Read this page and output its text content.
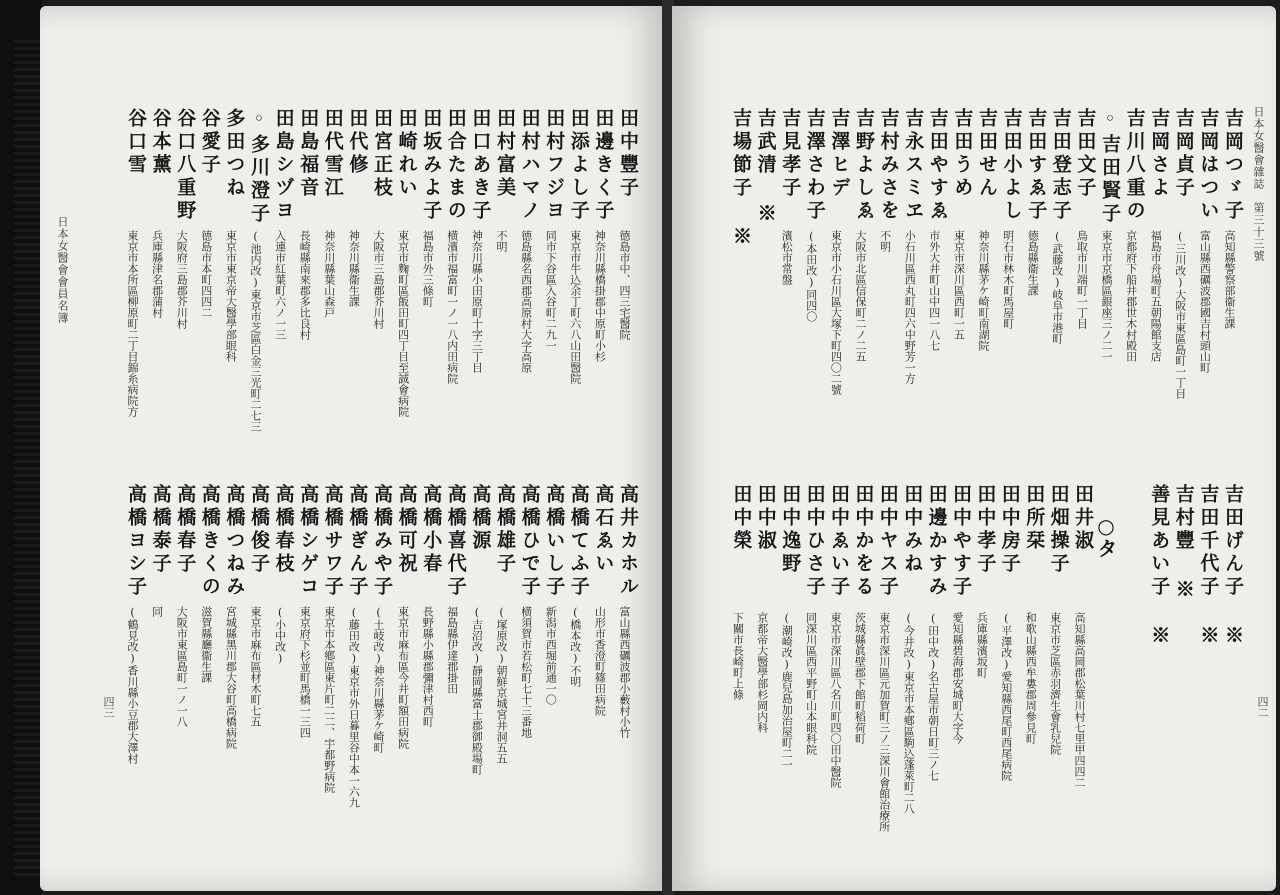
日本女醫會會員名簿
四三
田中豐子
德島市中、四三宅醫院
田邊きく子
神奈川縣橋掛郡中原町小杉
田添よし子
東京市牛込余丁町六八山田醫院
田村フジヨ
同市下谷區入谷町二九一
田村ハマノ
德島縣名西郡高原村大字高原
田村富美
不明
田口あき子
神奈川縣小田原町十字三丁目
田合たまの
横濱市福富町一ノ一八内田病院
田坂みよ子
福島市外三條町
田崎れい
東京市麴町區飯田町四丁目至誠會病院
田宮正枝
大阪市三島郡芥川村
田代修
神奈川縣衞生課
田代雪江
神奈川縣葉山森戸
田島福音
長崎縣南來郡多比良村
田島シヅヨ
入連市紅葉町六ノ一三
◦多川澄子
(池内改)東京市芝區白金三光町二七三
多田つね
東京市東京帝大醫學部眼科
谷愛子
德島市本町四四二
谷口八重野
大阪府三島郡芥川村
谷本薰
兵庫縣津名郡蒲村
谷口雪
東京市本所區柳原町二丁目錦糸病院方
高井カホル
富山縣西礪波郡小藪村小竹
高石ゑい
山形市香澄町篠田病院
高橋てふ子
(橋本改)不明
高橋いし子
新潟市西堀前通一〇
高橋ひで子
横須賀市若松町七十三番地
高橋雄子
(塚原改)朝鮮京城宮井洞五五
高橋源
(吉沼改)靜岡縣富士郡御殿場町
高橋喜代子
福島縣伊達郡掛田
高橋小春
長野縣小縣郡彌津村西町
高橋可祝
東京市麻布區今井町額田病院
高橋みや子
(土岐改)神奈川縣茅ケ崎町
高橋ぎん子
(藤田改)東京市外日暮里谷中本一六九
高橋サワ子
東京市本鄕區東片町二二、宇都野病院
高橋シゲコ
東京府下杉並町馬橋一三四
高橋春枝
(小中改)
高橋俊子
東京市麻布區材木町七五
高橋つねみ
宮城縣黑川郡大谷町高橋病院
高橋きくの
滋賀縣廳衞生課
高橋春子
大阪市東區島町一ノ一八
高橋泰子
同
高橋ヨシ子
(鶴見改)香川縣小豆郡大澤村
日本女醫會雜誌　第三十三號
四二
吉岡つゞ子
高知縣警察部衞生課
吉岡はつい
富山縣西礪波郡國吉村頭山町
吉岡貞子
(三川改)大阪市東區島町一丁目
吉岡さよ
福島市舟場町五朝陽館支店
吉川八重の
京都府下船井郡世木村殿田
◦吉田賢子
東京市京橋區銀座三ノ二一
吉田文子
鳥取市川端町一丁目
吉田登志子
(武藤改)岐阜市港町
吉田すゑ子
德島縣衞生課
吉田小よし
明石市林木町馬屋町
吉田せん
神奈川縣茅ケ崎町南湖院
吉田うめ
東京市深川區西町一五
吉田やすゑ
市外大井町山中四一八七
吉永スミヱ
小石川區西丸町四六中野芳一方
吉村みさを
不明
吉野よしゑ
大阪市北區信保町二ノ二五
吉澤ヒデ
東京市小石川區大塚下町四〇二號
吉澤さわ子
(本田改)同四〇
吉見孝子
濱松市常盤
吉武清 ※
吉場節子 ※
吉田げん子 ※
吉田千代子 ※
吉村豐 ※
善見あい子 ※
田井淑
高知縣高岡郡松葉川村七里甲四四二
田畑操子
東京市芝區赤羽濟生會乳兒院
田所栞
和歌山縣西牟婁郡周參見町
田中房子
(平澤改)愛知縣西尾町西尾病院
田中孝子
兵庫縣濱坂町
田中やす子
愛知縣碧海郡安城町大字今
田邊かすみ
(田中改)名古屋市朝日町三ノ七
田中みね
(今井改)東京市本鄕區駒込蓬萊町二八
田中ヤス子
東京市深川區元加賀町三ノ三深川會館治療所
田中かをる
茨城縣眞壁郡下館町稻荷町
田中ゑい子
東京市深川區八名川町四〇田中醫院
田中ひさ子
同深川區西平野町山本眼科院
田中逸野
(潮崎改)鹿兒島加治屋町二一
田中淑
京都帝大醫學部杉岡内科
田中榮
下關市長崎町上條
○タ
